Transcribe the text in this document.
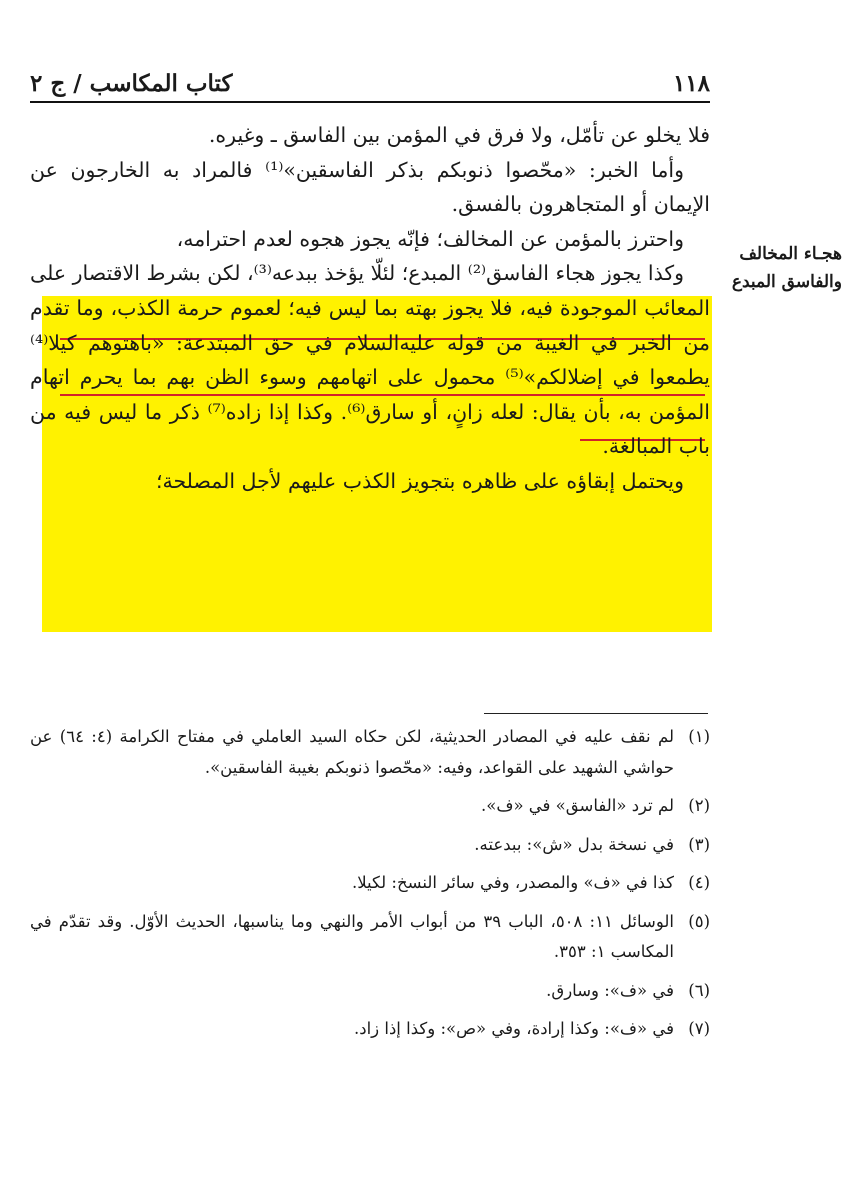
١١٨
كتاب المكاسب / ج ٢

فلا يخلو عن تأمّل، ولا فرق في المؤمن بين الفاسق ـ وغيره.

وأما الخبر: «محّصوا ذنوبكم بذكر الفاسقين»⁽¹⁾ فالمراد به الخارجون عن الإيمان أو المتجاهرون بالفسق.

واحترز بالمؤمن عن المخالف؛ فإنّه يجوز هجوه لعدم احترامه،

وكذا يجوز هجاء الفاسق⁽²⁾ المبدع؛ لئلّا يؤخذ ببدعه⁽³⁾، لكن بشرط الاقتصار على المعائب الموجودة فيه، فلا يجوز بهته بما ليس فيه؛ لعموم حرمة الكذب، وما تقدم من الخبر في الغيبة من قوله عليه‌السلام في حق المبتدعة: «باهتوهم كيلا⁽⁴⁾ يطمعوا في إضلالكم»⁽⁵⁾ محمول على اتهامهم وسوء الظن بهم بما يحرم اتهام المؤمن به، بأن يقال: لعله زانٍ، أو سارق⁽⁶⁾. وكذا إذا زاده⁽⁷⁾ ذكر ما ليس فيه من باب المبالغة.

ويحتمل إبقاؤه على ظاهره بتجويز الكذب عليهم لأجل المصلحة؛

هجـاء المخالف والفاسق المبدع
(١)
لم نقف عليه في المصادر الحديثية، لكن حكاه السيد العاملي في مفتاح الكرامة (٤: ٦٤) عن حواشي الشهيد على القواعد، وفيه: «محّصوا ذنوبكم بغيبة الفاسقين».
(٢)
لم ترد «الفاسق» في «ف».
(٣)
في نسخة بدل «ش»: ببدعته.
(٤)
كذا في «ف» والمصدر، وفي سائر النسخ: لكيلا.
(٥)
الوسائل ١١: ٥٠٨، الباب ٣٩ من أبواب الأمر والنهي وما يناسبها، الحديث الأوّل. وقد تقدّم في المكاسب ١: ٣٥٣.
(٦)
في «ف»: وسارق.
(٧)
في «ف»: وكذا إرادة، وفي «ص»: وكذا إذا زاد.
